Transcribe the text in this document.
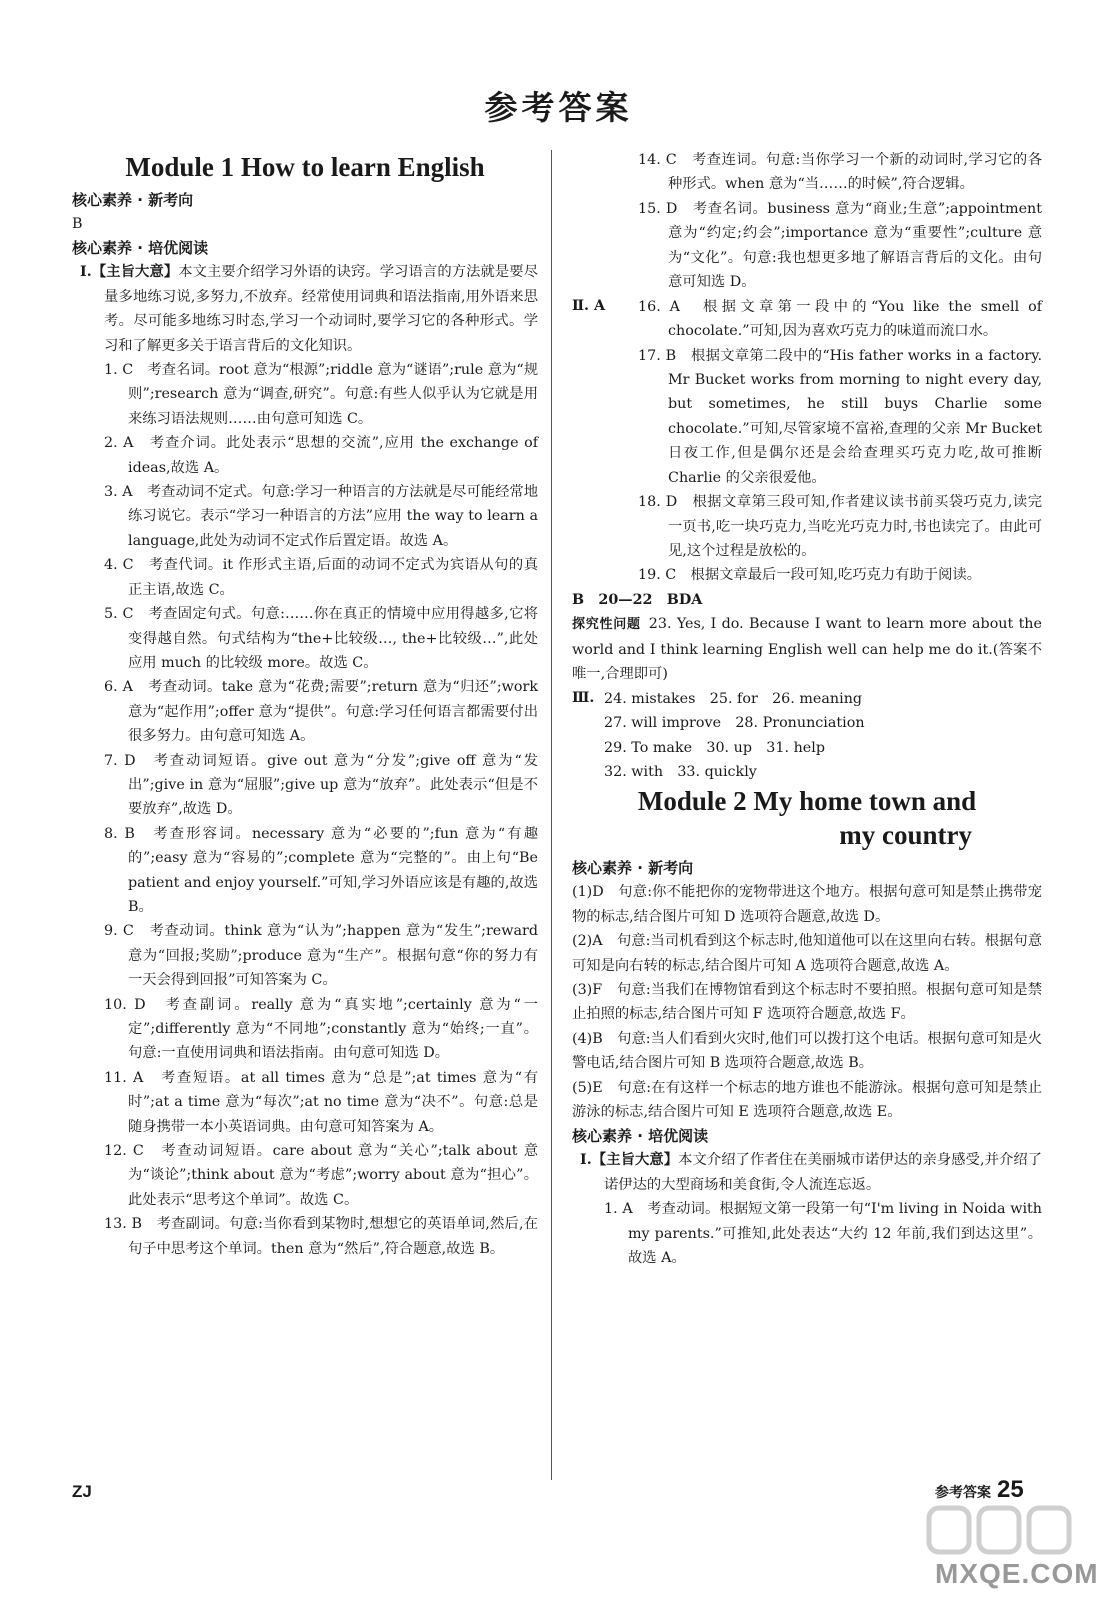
参考答案
Module 1 How to learn English
核心素养 · 新考向
B
核心素养 · 培优阅读
Ⅰ.【主旨大意】本文主要介绍学习外语的诀窍。学习语言的方法就是要尽量多地练习说,多努力,不放弃。经常使用词典和语法指南,用外语来思考。尽可能多地练习时态,学习一个动词时,要学习它的各种形式。学习和了解更多关于语言背后的文化知识。
1. C　考查名词。root 意为“根源”;riddle 意为“谜语”;rule 意为“规则”;research 意为“调查,研究”。句意:有些人似乎认为它就是用来练习语法规则……由句意可知选 C。
2. A　考查介词。此处表示“思想的交流”,应用 the exchange of ideas,故选 A。
3. A　考查动词不定式。句意:学习一种语言的方法就是尽可能经常地练习说它。表示“学习一种语言的方法”应用 the way to learn a language,此处为动词不定式作后置定语。故选 A。
4. C　考查代词。it 作形式主语,后面的动词不定式为宾语从句的真正主语,故选 C。
5. C　考查固定句式。句意:……你在真正的情境中应用得越多,它将变得越自然。句式结构为“the+比较级…, the+比较级…”,此处应用 much 的比较级 more。故选 C。
6. A　考查动词。take 意为“花费;需要”;return 意为“归还”;work 意为“起作用”;offer 意为“提供”。句意:学习任何语言都需要付出很多努力。由句意可知选 A。
7. D　考查动词短语。give out 意为“分发”;give off 意为“发出”;give in 意为“屈服”;give up 意为“放弃”。此处表示“但是不要放弃”,故选 D。
8. B　考查形容词。necessary 意为“必要的”;fun 意为“有趣的”;easy 意为“容易的”;complete 意为“完整的”。由上句“Be patient and enjoy yourself.”可知,学习外语应该是有趣的,故选 B。
9. C　考查动词。think 意为“认为”;happen 意为“发生”;reward 意为“回报;奖励”;produce 意为“生产”。根据句意“你的努力有一天会得到回报”可知答案为 C。
10. D　考查副词。really 意为“真实地”;certainly 意为“一定”;differently 意为“不同地”;constantly 意为“始终;一直”。句意:一直使用词典和语法指南。由句意可知选 D。
11. A　考查短语。at all times 意为“总是”;at times 意为“有时”;at a time 意为“每次”;at no time 意为“决不”。句意:总是随身携带一本小英语词典。由句意可知答案为 A。
12. C　考查动词短语。care about 意为“关心”;talk about 意为“谈论”;think about 意为“考虑”;worry about 意为“担心”。此处表示“思考这个单词”。故选 C。
13. B　考查副词。句意:当你看到某物时,想想它的英语单词,然后,在句子中思考这个单词。then 意为“然后”,符合题意,故选 B。
14. C　考查连词。句意:当你学习一个新的动词时,学习它的各种形式。when 意为“当……的时候”,符合逻辑。
15. D　考查名词。business 意为“商业;生意”;appointment 意为“约定;约会”;importance 意为“重要性”;culture 意为“文化”。句意:我也想更多地了解语言背后的文化。由句意可知选 D。
Ⅱ. A	16. A　根据文章第一段中的“You like the smell of chocolate.”可知,因为喜欢巧克力的味道而流口水。
17. B　根据文章第二段中的“His father works in a factory. Mr Bucket works from morning to night every day, but sometimes, he still buys Charlie some chocolate.”可知,尽管家境不富裕,查理的父亲 Mr Bucket 日夜工作,但是偶尔还是会给查理买巧克力吃,故可推断 Charlie 的父亲很爱他。
18. D　根据文章第三段可知,作者建议读书前买袋巧克力,读完一页书,吃一块巧克力,当吃光巧克力时,书也读完了。由此可见,这个过程是放松的。
19. C　根据文章最后一段可知,吃巧克力有助于阅读。
B　20—22　BDA
探究性问题 23. Yes, I do. Because I want to learn more about the world and I think learning English well can help me do it.(答案不唯一,合理即可)
Ⅲ. 24. mistakes　25. for　26. meaning
27. will improve　28. Pronunciation
29. To make　30. up　31. help
32. with　33. quickly
Module 2 My home town and
my country
核心素养 · 新考向
(1)D　句意:你不能把你的宠物带进这个地方。根据句意可知是禁止携带宠物的标志,结合图片可知 D 选项符合题意,故选 D。
(2)A　句意:当司机看到这个标志时,他知道他可以在这里向右转。根据句意可知是向右转的标志,结合图片可知 A 选项符合题意,故选 A。
(3)F　句意:当我们在博物馆看到这个标志时不要拍照。根据句意可知是禁止拍照的标志,结合图片可知 F 选项符合题意,故选 F。
(4)B　句意:当人们看到火灾时,他们可以拨打这个电话。根据句意可知是火警电话,结合图片可知 B 选项符合题意,故选 B。
(5)E　句意:在有这样一个标志的地方谁也不能游泳。根据句意可知是禁止游泳的标志,结合图片可知 E 选项符合题意,故选 E。
核心素养 · 培优阅读
Ⅰ.【主旨大意】本文介绍了作者住在美丽城市诺伊达的亲身感受,并介绍了诺伊达的大型商场和美食街,令人流连忘返。
1. A　考查动词。根据短文第一段第一句“I'm living in Noida with my parents.”可推知,此处表达“大约 12 年前,我们到达这里”。故选 A。
ZJ	参考答案 25
MXQE.COM
